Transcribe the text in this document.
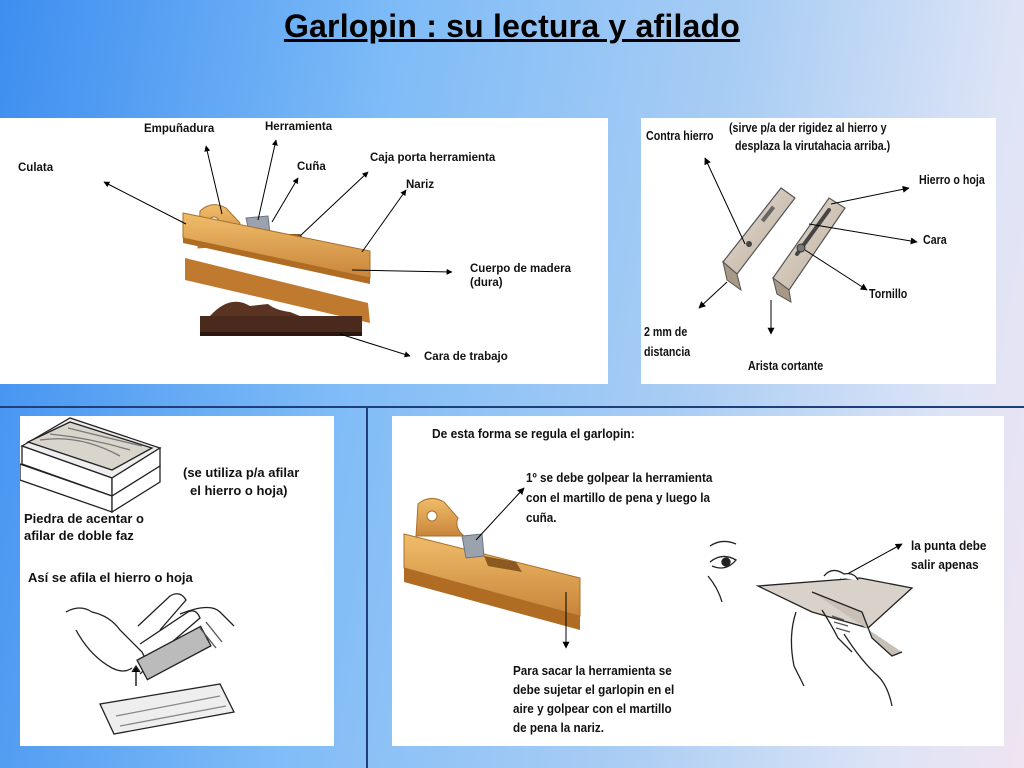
Garlopin : su lectura y afilado
Culata
Empuñadura	Herramienta
Cuña
Caja porta herramienta
Nariz
Cuerpo de madera
(dura)
Cara de trabajo
Contra hierro
(sirve p/a der rigidez al hierro y
desplaza la virutahacia arriba.)
Hierro o hoja
Cara
Tornillo
2 mm de
distancia
Arista cortante
(se utiliza p/a afilar
el hierro o hoja)
Piedra de acentar o
afilar de doble faz
Así se afila el hierro o hoja
De esta forma se regula el garlopin:
1º se debe golpear la herramienta
con el martillo de pena y luego la
cuña.
la punta debe
salir apenas
Para sacar la herramienta se
debe sujetar el garlopin en el
aire y golpear con el martillo
de pena la nariz.
